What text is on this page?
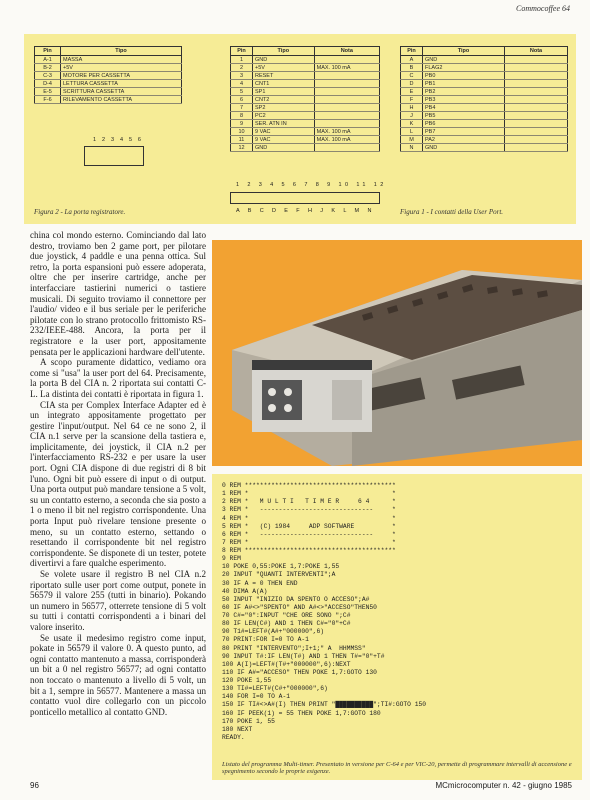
Commocoffee 64
Pin	Tipo
A-1	MASSA
B-2	+5V
C-3	MOTORE PER CASSETTA
D-4	LETTURA CASSETTA
E-5	SCRITTURA CASSETTA
F-6	RILEVAMENTO CASSETTA
Pin	Tipo	Nota
1	GND	
2	+5V	MAX. 100 mA
3	RESET	
4	CNT1	
5	SP1	
6	CNT2	
7	SP2	
8	PC2	
9	SER. ATN IN	
10	9 VAC	MAX. 100 mA
11	9 VAC	MAX. 100 mA
12	GND	
Pin	Tipo	Nota
A	GND	
B	FLAG2	
C	PB0	
D	PB1	
E	PB2	
F	PB3	
H	PB4	
J	PB5	
K	PB6	
L	PB7	
M	PA2	
N	GND	
1 2 3 4 5 6
1 2 3 4 5 6 7 8 9 10 11 12
A B C D E F H J K L M N
Figura 2 - La porta registratore.	Figura 1 - I contatti della User Port.

china col mondo esterno. Cominciando dal lato destro, troviamo ben 2 game port, per pilotare due joystick, 4 paddle e una penna ottica. Sul retro, la porta espansioni può essere adoperata, oltre che per inserire cartridge, anche per interfacciare tastierini numerici o tastiere musicali. Di seguito troviamo il connettore per l'audio/ video e il bus seriale per le periferiche pilotate con lo strano protocollo frittomisto RS-232/IEEE-488. Ancora, la porta per il registratore e la user port, appositamente pensata per le applicazioni hardware dell'utente.

A scopo puramente didattico, vediamo ora come si "usa" la user port del 64. Precisamente, la porta B del CIA n. 2 riportata sui contatti C-L. La distinta dei contatti è riportata in figura 1.

CIA sta per Complex Interface Adapter ed è un integrato appositamente progettato per gestire l'input/output. Nel 64 ce ne sono 2, il CIA n.1 serve per la scansione della tastiera e, implicitamente, dei joystick, il CIA n.2 per l'interfacciamento RS-232 e per usare la user port. Ogni CIA dispone di due registri di 8 bit l'uno. Ogni bit può essere di input o di output. Una porta output può mandare tensione a 5 volt, su un contatto esterno, a seconda che sia posto a 1 o meno il bit nel registro corrispondente. Una porta Input può rivelare tensione presente o meno, su un contatto esterno, settando o resettando il corrispondente bit nel registro corrispondente. Se disponete di un tester, potete divertirvi a fare qualche esperimento.

Se volete usare il registro B nel CIA n.2 riportato sulle user port come output, ponete in 56579 il valore 255 (tutti in binario). Pokando un numero in 56577, otterrete tensione di 5 volt su tutti i contatti corrispondenti a i binari del valore inserito.

Se usate il medesimo registro come input, pokate in 56579 il valore 0. A questo punto, ad ogni contatto mantenuto a massa, corrisponderà un bit a 0 nel registro 56577; ad ogni contatto non toccato o mantenuto a livello di 5 volt, un bit a 1, sempre in 56577. Mantenere a massa un contatto vuol dire collegarlo con un piccolo ponticello metallico al contatto GND.

0 REM ****************************************
1 REM *                                      *
2 REM *   M U L T I   T I M E R     6 4      *
3 REM *   ------------------------------     *
4 REM *                                      *
5 REM *   (C) 1984     ADP SOFTWARE          *
6 REM *   ------------------------------     *
7 REM *                                      *
8 REM ****************************************
9 REM
10 POKE 0,55:POKE 1,7:POKE 1,55
20 INPUT "QUANTI INTERVENTI";A
30 IF A = 0 THEN END
40 DIMA A(A)
50 INPUT "INIZIO DA SPENTO O ACCESO";A#
60 IF A#<>"SPENTO" AND A#<>"ACCESO"THEN50
70 C#="0":INPUT "CHE ORE SONO ";C#
80 IF LEN(C#) AND 1 THEN C#="0"+C#
90 T1#=LEFT#(A#+"000000",6)
70 PRINT:FOR I=0 TO A-1
80 PRINT "INTERVENTO";I+1;" A  HHMMSS"
90 INPUT T#:IF LEN(T#) AND 1 THEN T#="0"+T#
100 A(I)=LEFT#(T#+"000000",6):NEXT
110 IF A#="ACCESO" THEN POKE 1,7:GOTO 130
120 POKE 1,55
130 TI#=LEFT#(C#+"000000",6)
140 FOR I=0 TO A-1
150 IF TI#<>A#(I) THEN PRINT "██████████";TI#:GOTO 150
160 IF PEEK(1) = 55 THEN POKE 1,7:GOTO 180
170 POKE 1, 55
180 NEXT
READY.
Listato del programma Multi-timer. Presentato in versione per C-64 e per VIC-20, permette di programmare intervalli di accensione e spegnimento secondo le proprie esigenze.
96	MCmicrocomputer n. 42 - giugno 1985
